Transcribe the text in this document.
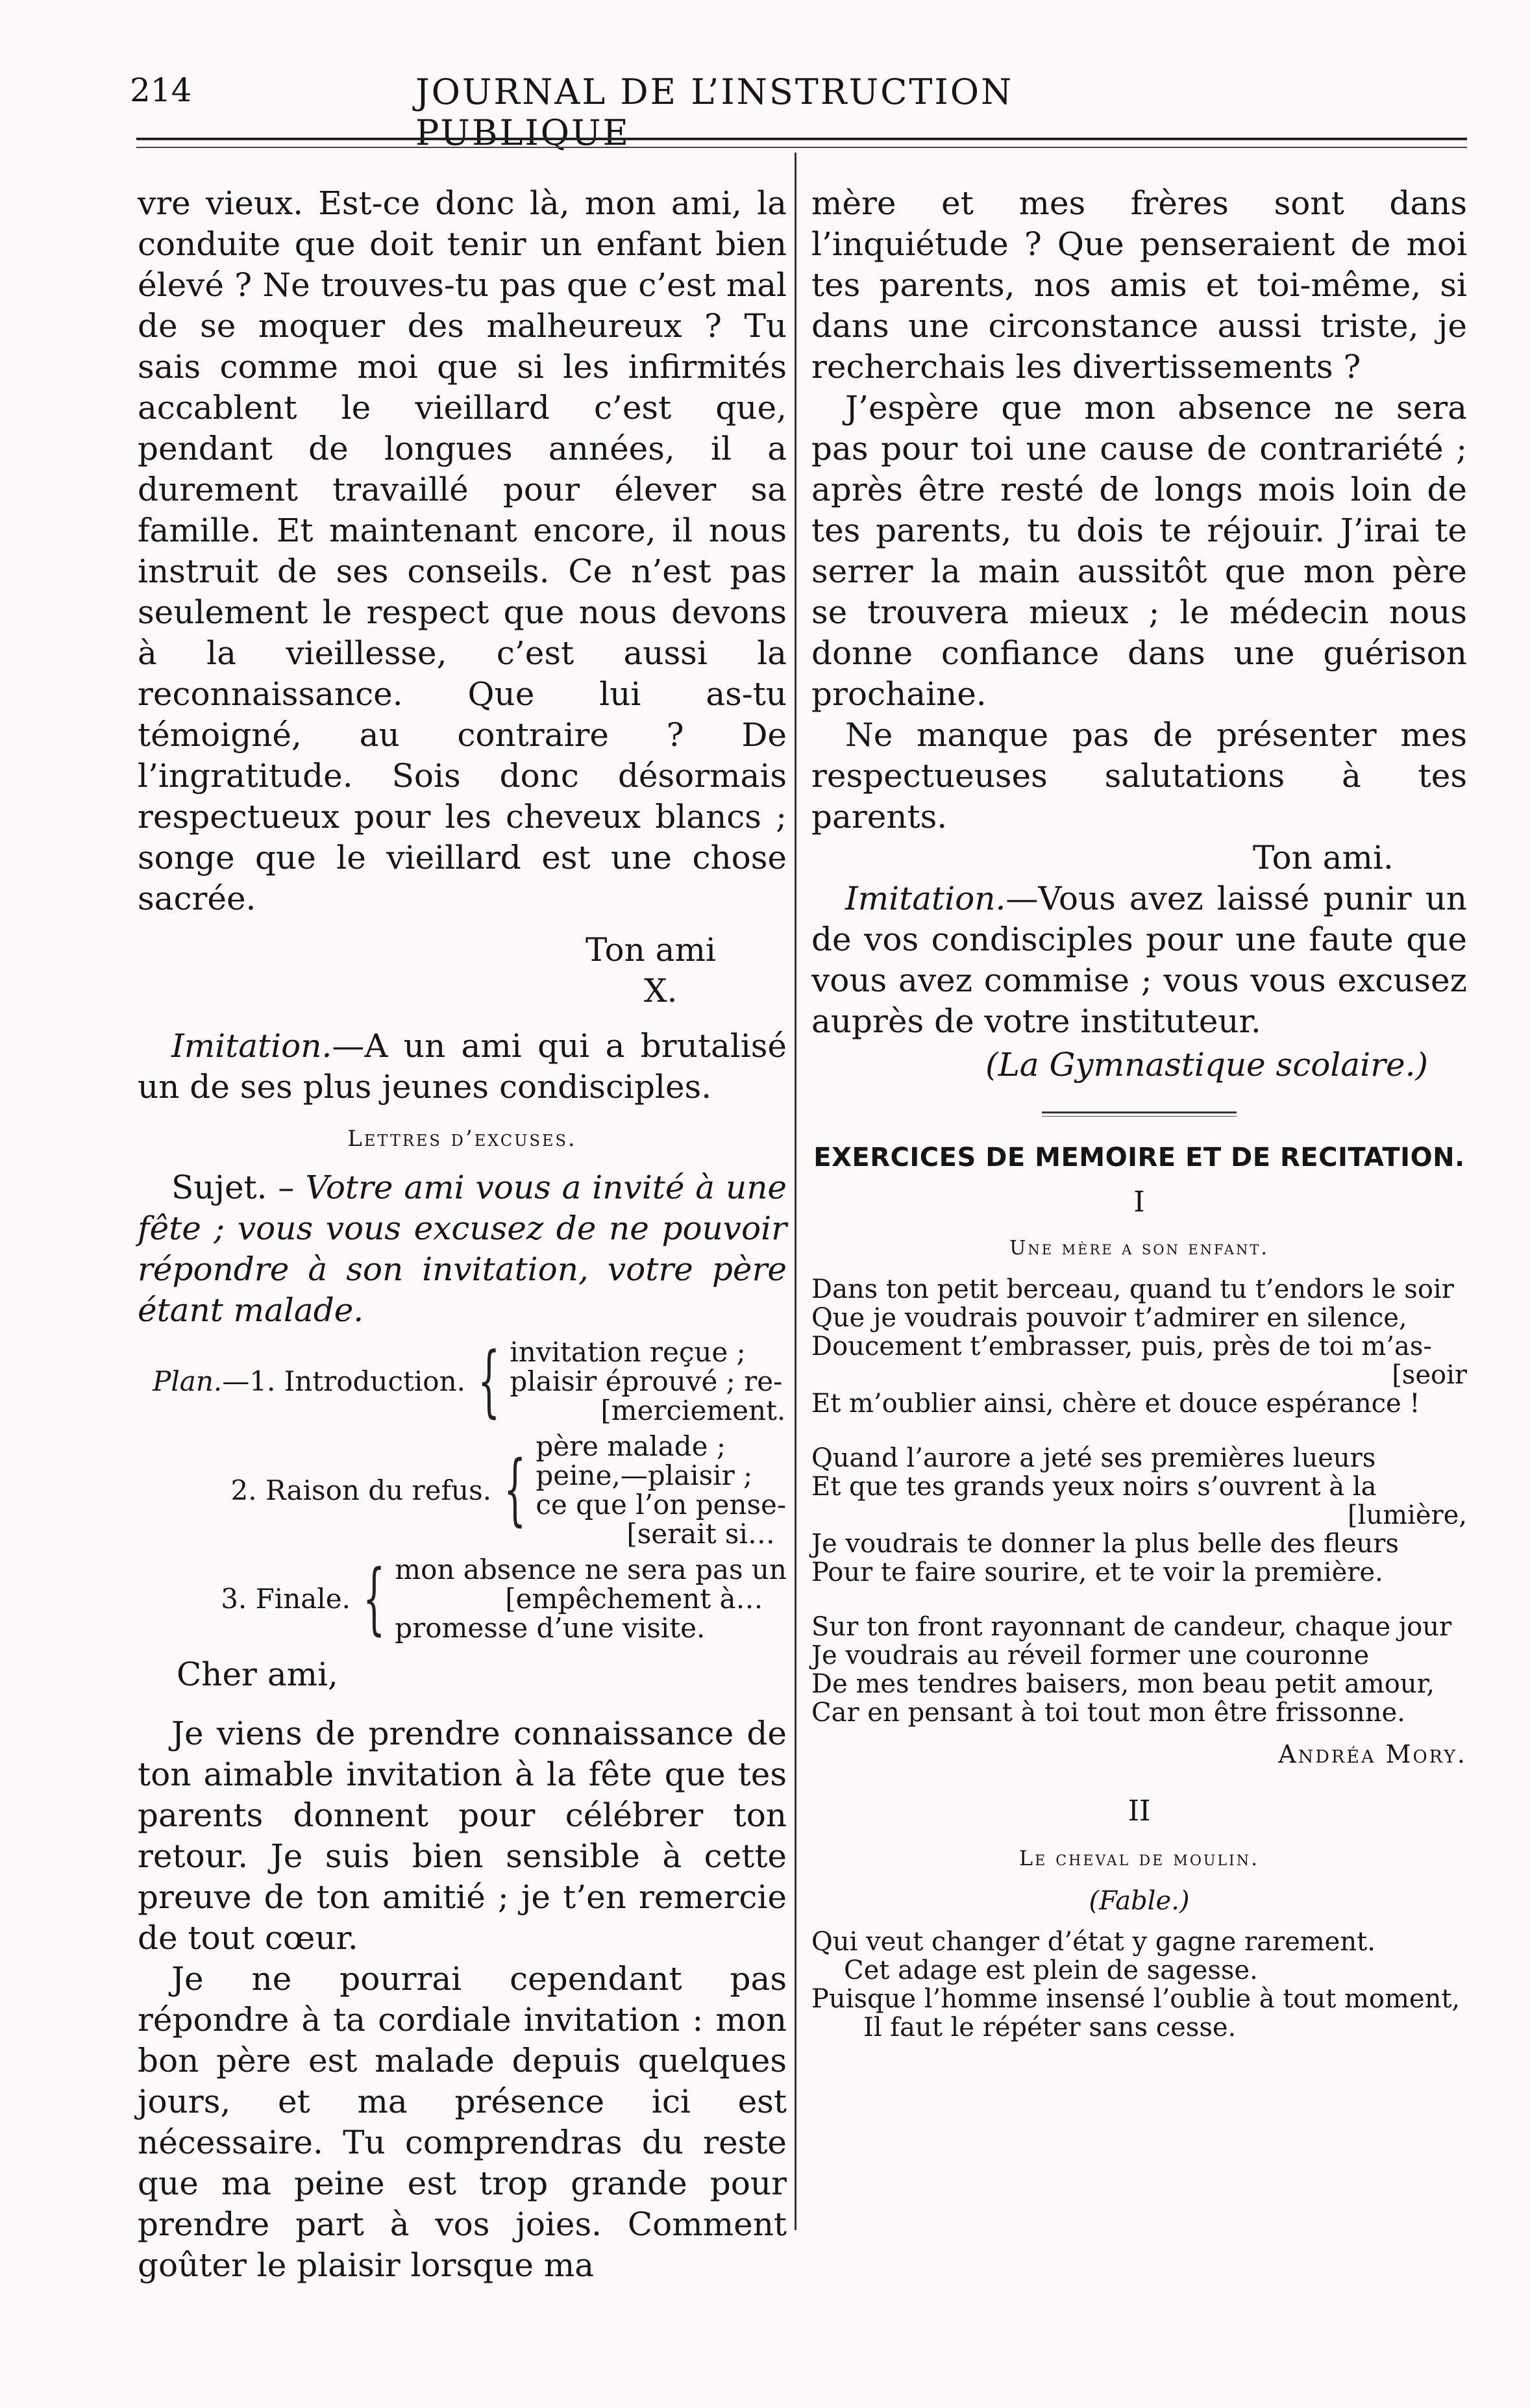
214	JOURNAL DE L’INSTRUCTION PUBLIQUE

vre vieux. Est-ce donc là, mon ami, la conduite que doit tenir un enfant bien élevé ? Ne trouves-tu pas que c’est mal de se moquer des malheureux ? Tu sais comme moi que si les infirmités accablent le vieillard c’est que, pendant de longues années, il a durement travaillé pour élever sa famille. Et maintenant encore, il nous instruit de ses conseils. Ce n’est pas seulement le respect que nous devons à la vieillesse, c’est aussi la reconnaissance. Que lui as-tu témoigné, au contraire ? De l’ingratitude. Sois donc désormais respectueux pour les cheveux blancs ; songe que le vieillard est une chose sacrée.

Ton ami

X.

Imitation.—A un ami qui a brutalisé un de ses plus jeunes condisciples.

Lettres d’excuses.

Sujet. – Votre ami vous a invité à une fête ; vous vous excusez de ne pouvoir répondre à son invitation, votre père étant malade.

Plan.—1. Introduction. { invitation reçue ;
plaisir éprouvé ; re-
[merciement.
2. Raison du refus. { père malade ;
peine,—plaisir ;
ce que l’on pense-
[serait si…
3. Finale. { mon absence ne sera pas un
[empêchement à…
promesse d’une visite.

Cher ami,

Je viens de prendre connaissance de ton aimable invitation à la fête que tes parents donnent pour célébrer ton retour. Je suis bien sensible à cette preuve de ton amitié ; je t’en remercie de tout cœur.

Je ne pourrai cependant pas répondre à ta cordiale invitation : mon bon père est malade depuis quelques jours, et ma présence ici est nécessaire. Tu comprendras du reste que ma peine est trop grande pour prendre part à vos joies. Comment goûter le plaisir lorsque ma

mère et mes frères sont dans l’inquiétude ? Que penseraient de moi tes parents, nos amis et toi-même, si dans une circonstance aussi triste, je recherchais les divertissements ?

J’espère que mon absence ne sera pas pour toi une cause de contrariété ; après être resté de longs mois loin de tes parents, tu dois te réjouir. J’irai te serrer la main aussitôt que mon père se trouvera mieux ; le médecin nous donne confiance dans une guérison prochaine.

Ne manque pas de présenter mes respectueuses salutations à tes parents.

Ton ami.

Imitation.—Vous avez laissé punir un de vos condisciples pour une faute que vous avez commise ; vous vous excusez auprès de votre instituteur.

(La Gymnastique scolaire.)

EXERCICES DE MEMOIRE ET DE RECITATION.
I
Une mère a son enfant.
Dans ton petit berceau, quand tu t’endors le soir
Que je voudrais pouvoir t’admirer en silence,
Doucement t’embrasser, puis, près de toi m’as-
[seoir
Et m’oublier ainsi, chère et douce espérance !
Quand l’aurore a jeté ses premières lueurs
Et que tes grands yeux noirs s’ouvrent à la
[lumière,
Je voudrais te donner la plus belle des fleurs
Pour te faire sourire, et te voir la première.
Sur ton front rayonnant de candeur, chaque jour
Je voudrais au réveil former une couronne
De mes tendres baisers, mon beau petit amour,
Car en pensant à toi tout mon être frissonne.
Andréa Mory.
II
Le cheval de moulin.
(Fable.)
Qui veut changer d’état y gagne rarement.
Cet adage est plein de sagesse.
Puisque l’homme insensé l’oublie à tout moment,
Il faut le répéter sans cesse.
